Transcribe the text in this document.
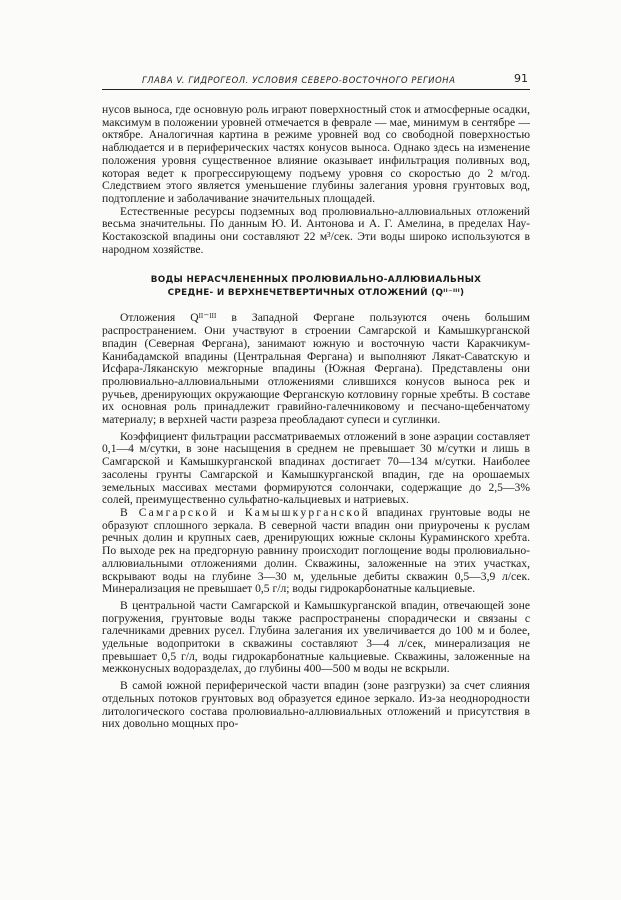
ГЛАВА V. ГИДРОГЕОЛ. УСЛОВИЯ СЕВЕРО-ВОСТОЧНОГО РЕГИОНА	91

нусов выноса, где основную роль играют поверхностный сток и атмосферные осадки, максимум в положении уровней отмечается в феврале — мае, минимум в сентябре — октябре. Аналогичная картина в режиме уровней вод со свободной поверхностью наблюдается и в периферических частях конусов выноса. Однако здесь на изменение положения уровня существенное влияние оказывает инфильтрация поливных вод, которая ведет к прогрессирующему подъему уровня со скоростью до 2 м/год. Следствием этого является уменьшение глубины залегания уровня грунтовых вод, подтопление и заболачивание значительных площадей.

Естественные ресурсы подземных вод пролювиально-аллювиальных отложений весьма значительны. По данным Ю. И. Антонова и А. Г. Амелина, в пределах Нау-Костакозской впадины они составляют 22 м³/сек. Эти воды широко используются в народном хозяйстве.

ВОДЫ НЕРАСЧЛЕНЕННЫХ ПРОЛЮВИАЛЬНО-АЛЛЮВИАЛЬНЫХ
СРЕДНЕ- И ВЕРХНЕЧЕТВЕРТИЧНЫХ ОТЛОЖЕНИЙ (Qᴵᴵ⁻ᴵᴵᴵ)

Отложения Qᴵᴵ⁻ᴵᴵᴵ в Западной Фергане пользуются очень большим распространением. Они участвуют в строении Самгарской и Камышкурганской впадин (Северная Фергана), занимают южную и восточную части Каракчикум-Канибадамской впадины (Центральная Фергана) и выполняют Лякат-Саватскую и Исфара-Ляканскую межгорные впадины (Южная Фергана). Представлены они пролювиально-аллювиальными отложениями слившихся конусов выноса рек и ручьев, дренирующих окружающие Ферганскую котловину горные хребты. В составе их основная роль принадлежит гравийно-галечниковому и песчано-щебенчатому материалу; в верхней части разреза преобладают супеси и суглинки.

Коэффициент фильтрации рассматриваемых отложений в зоне аэрации составляет 0,1—4 м/сутки, в зоне насыщения в среднем не превышает 30 м/сутки и лишь в Самгарской и Камышкурганской впадинах достигает 70—134 м/сутки. Наиболее засолены грунты Самгарской и Камышкурганской впадин, где на орошаемых земельных массивах местами формируются солончаки, содержащие до 2,5—3% солей, преимущественно сульфатно-кальциевых и натриевых.

В Самгарской и Камышкурганской впадинах грунтовые воды не образуют сплошного зеркала. В северной части впадин они приурочены к руслам речных долин и крупных саев, дренирующих южные склоны Кураминского хребта. По выходе рек на предгорную равнину происходит поглощение воды пролювиально-аллювиальными отложениями долин. Скважины, заложенные на этих участках, вскрывают воды на глубине 3—30 м, удельные дебиты скважин 0,5—3,9 л/сек. Минерализация не превышает 0,5 г/л; воды гидрокарбонатные кальциевые.

В центральной части Самгарской и Камышкурганской впадин, отвечающей зоне погружения, грунтовые воды также распространены спорадически и связаны с галечниками древних русел. Глубина залегания их увеличивается до 100 м и более, удельные водопритоки в скважины составляют 3—4 л/сек, минерализация не превышает 0,5 г/л, воды гидрокарбонатные кальциевые. Скважины, заложенные на межконусных водоразделах, до глубины 400—500 м воды не вскрыли.

В самой южной периферической части впадин (зоне разгрузки) за счет слияния отдельных потоков грунтовых вод образуется единое зеркало. Из-за неоднородности литологического состава пролювиально-аллювиальных отложений и присутствия в них довольно мощных про-
